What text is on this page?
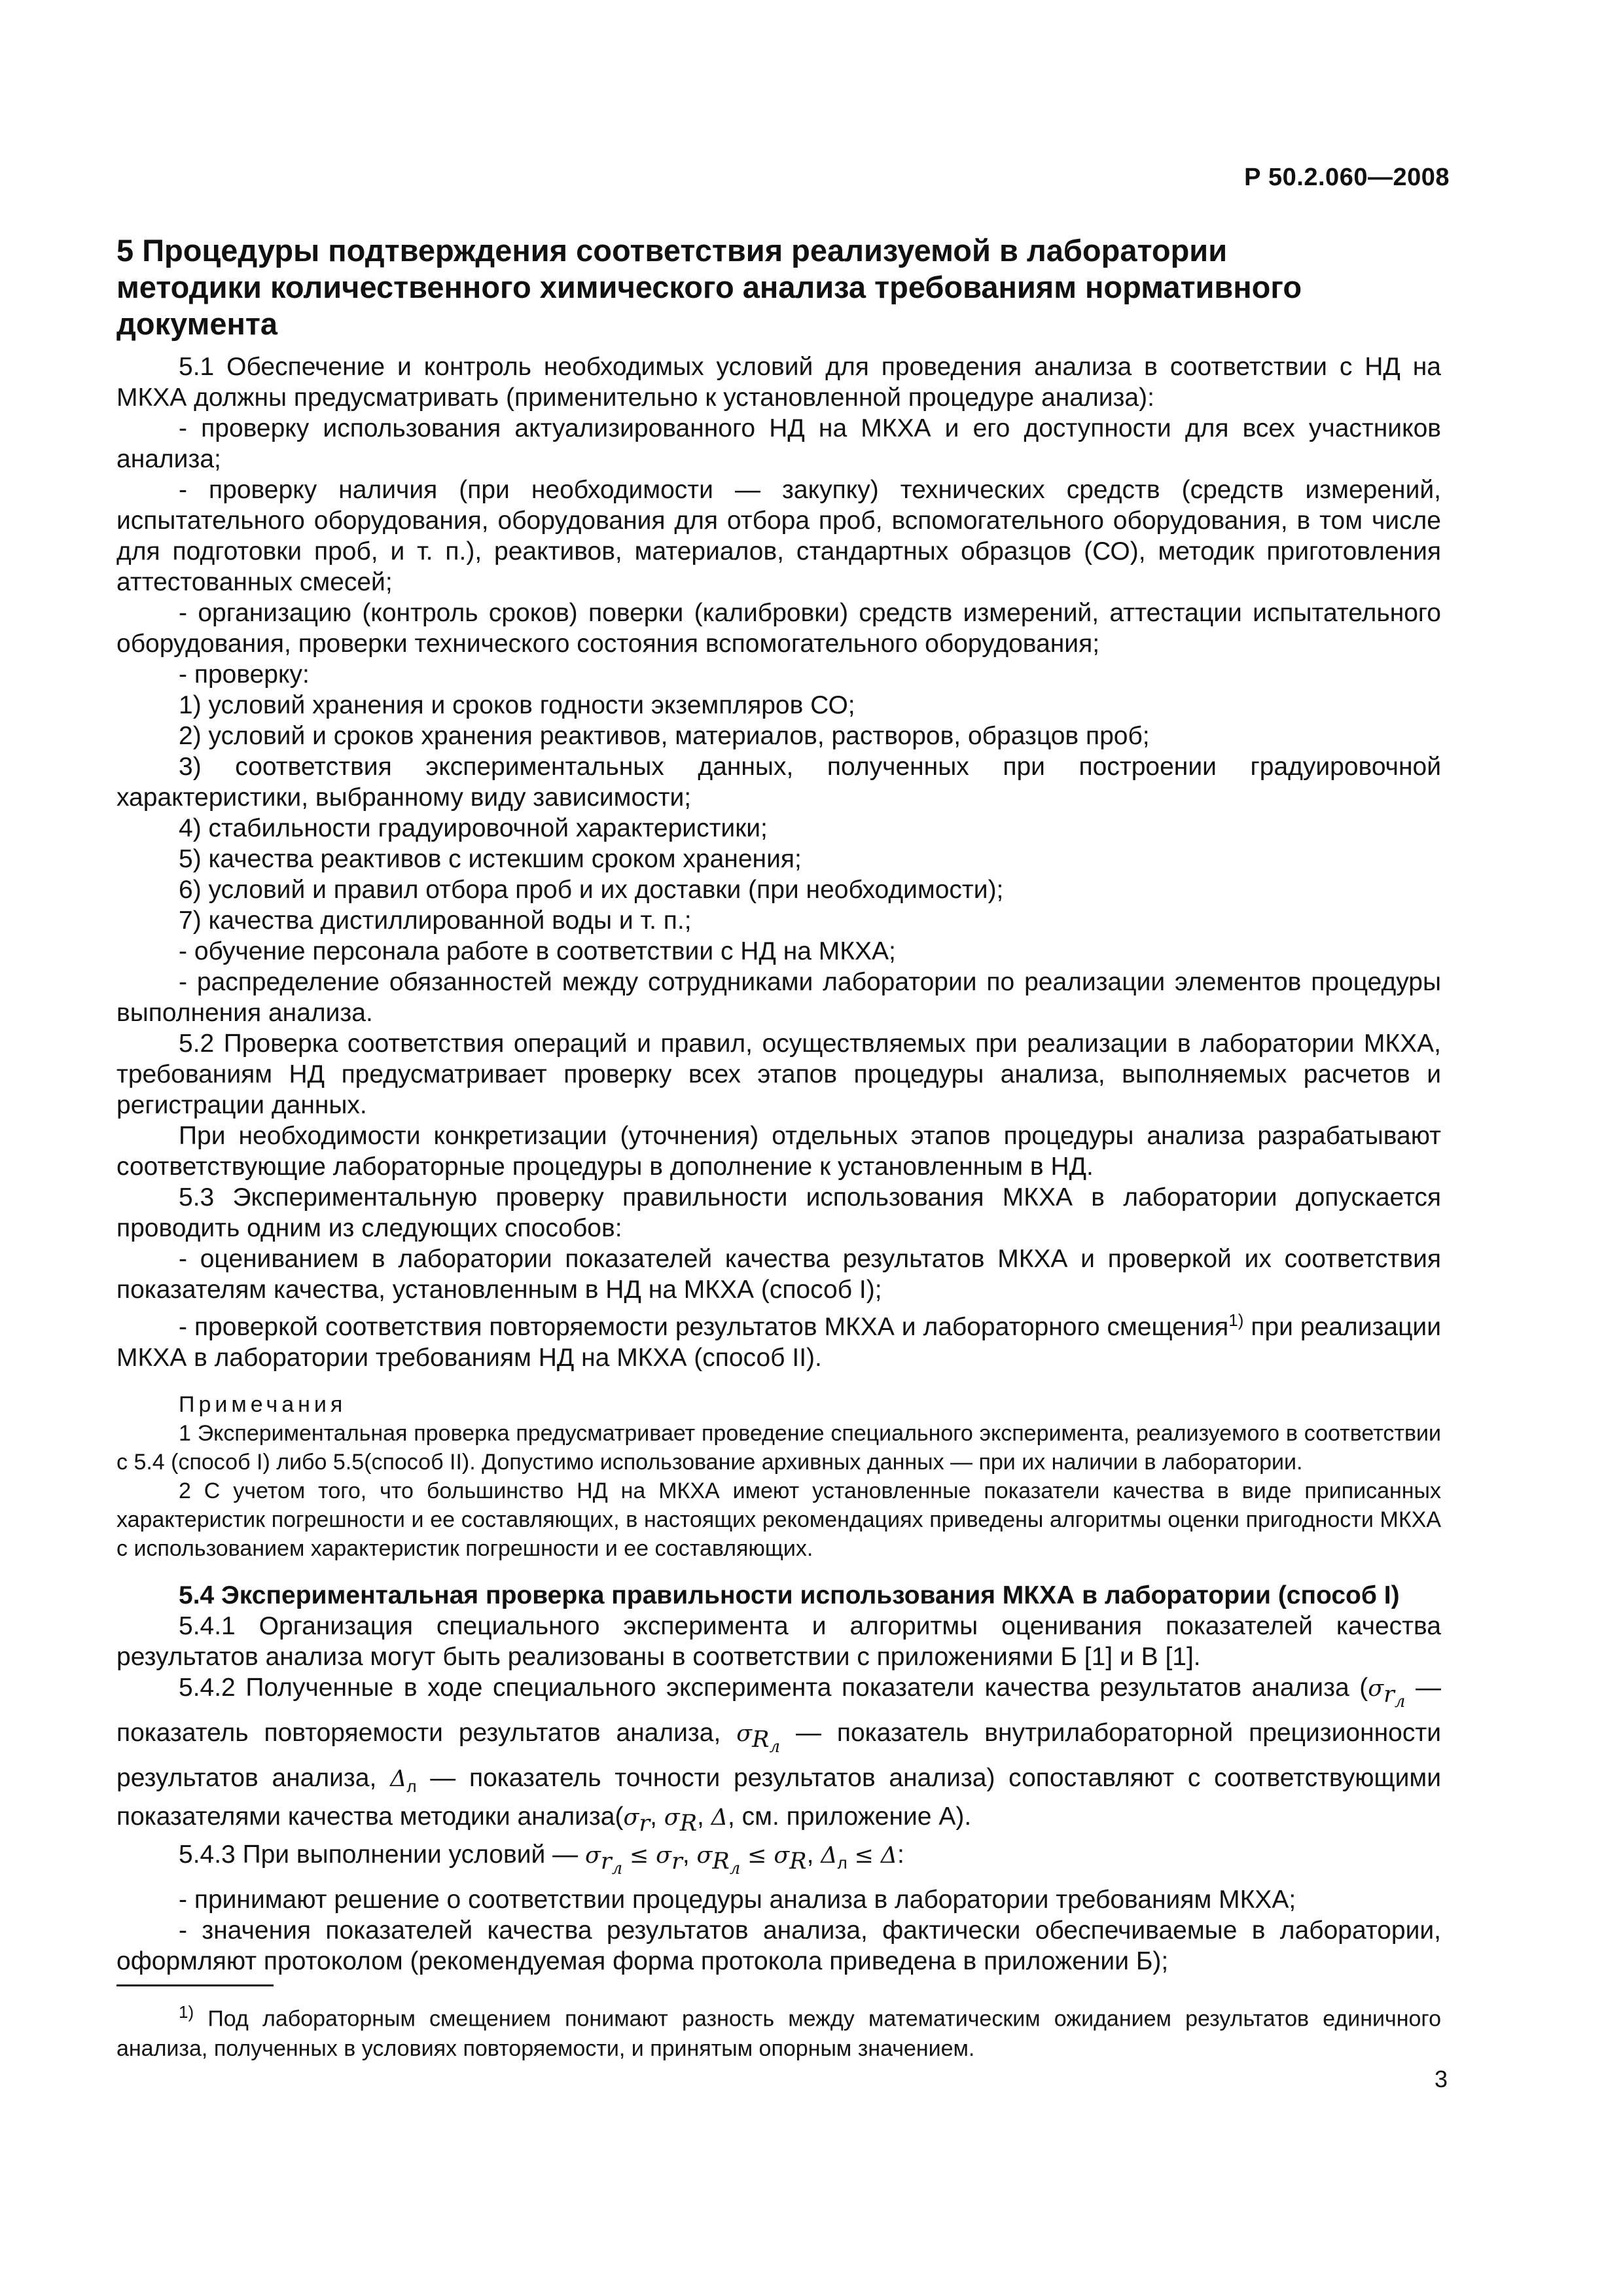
Р 50.2.060—2008
5 Процедуры подтверждения соответствия реализуемой в лаборатории
методики количественного химического анализа требованиям нормативного
документа

5.1 Обеспечение и контроль необходимых условий для проведения анализа в соответствии с НД на МКХА должны предусматривать (применительно к установленной процедуре анализа):

- проверку использования актуализированного НД на МКХА и его доступности для всех участников анализа;

- проверку наличия (при необходимости — закупку) технических средств (средств измерений, испытательного оборудования, оборудования для отбора проб, вспомогательного оборудования, в том числе для подготовки проб, и т. п.), реактивов, материалов, стандартных образцов (СО), методик приготовления аттестованных смесей;

- организацию (контроль сроков) поверки (калибровки) средств измерений, аттестации испытательного оборудования, проверки технического состояния вспомогательного оборудования;

- проверку:

1) условий хранения и сроков годности экземпляров СО;

2) условий и сроков хранения реактивов, материалов, растворов, образцов проб;

3) соответствия экспериментальных данных, полученных при построении градуировочной характеристики, выбранному виду зависимости;

4) стабильности градуировочной характеристики;

5) качества реактивов с истекшим сроком хранения;

6) условий и правил отбора проб и их доставки (при необходимости);

7) качества дистиллированной воды и т. п.;

- обучение персонала работе в соответствии с НД на МКХА;

- распределение обязанностей между сотрудниками лаборатории по реализации элементов процедуры выполнения анализа.

5.2 Проверка соответствия операций и правил, осуществляемых при реализации в лаборатории МКХА, требованиям НД предусматривает проверку всех этапов процедуры анализа, выполняемых расчетов и регистрации данных.

При необходимости конкретизации (уточнения) отдельных этапов процедуры анализа разрабатывают соответствующие лабораторные процедуры в дополнение к установленным в НД.

5.3 Экспериментальную проверку правильности использования МКХА в лаборатории допускается проводить одним из следующих способов:

- оцениванием в лаборатории показателей качества результатов МКХА и проверкой их соответствия показателям качества, установленным в НД на МКХА (способ I);

- проверкой соответствия повторяемости результатов МКХА и лабораторного смещения$^{1)}$ при реализации МКХА в лаборатории требованиям НД на МКХА (способ II).

Примечания

1 Экспериментальная проверка предусматривает проведение специального эксперимента, реализуемого в соответствии с 5.4 (способ I) либо 5.5(способ II). Допустимо использование архивных данных — при их наличии в лаборатории.

2 С учетом того, что большинство НД на МКХА имеют установленные показатели качества в виде приписанных характеристик погрешности и ее составляющих, в настоящих рекомендациях приведены алгоритмы оценки пригодности МКХА с использованием характеристик погрешности и ее составляющих.

5.4 Экспериментальная проверка правильности использования МКХА в лаборатории (способ I)

5.4.1 Организация специального эксперимента и алгоритмы оценивания показателей качества результатов анализа могут быть реализованы в соответствии с приложениями Б [1] и В [1].

5.4.2 Полученные в ходе специального эксперимента показатели качества результатов анализа ($\sigma_{r_л}$ — показатель повторяемости результатов анализа, $\sigma_{R_л}$ — показатель внутрилабораторной прецизионности результатов анализа, $\Delta_л$ — показатель точности результатов анализа) сопоставляют с соответствующими показателями качества методики $анализа(\sigma_r$, $\sigma_R$, Δ, см. приложение А).

5.4.3 При выполнении условий — $\sigma_{r_л} \le \sigma_r$, $\sigma_{R_л} \le \sigma_R$, $\Delta_л \le \Delta$:

- принимают решение о соответствии процедуры анализа в лаборатории требованиям МКХА;

- значения показателей качества результатов анализа, фактически обеспечиваемые в лаборатории, оформляют протоколом (рекомендуемая форма протокола приведена в приложении Б);

$^{1)}$ Под лабораторным смещением понимают разность между математическим ожиданием результатов единичного анализа, полученных в условиях повторяемости, и принятым опорным значением.

3
